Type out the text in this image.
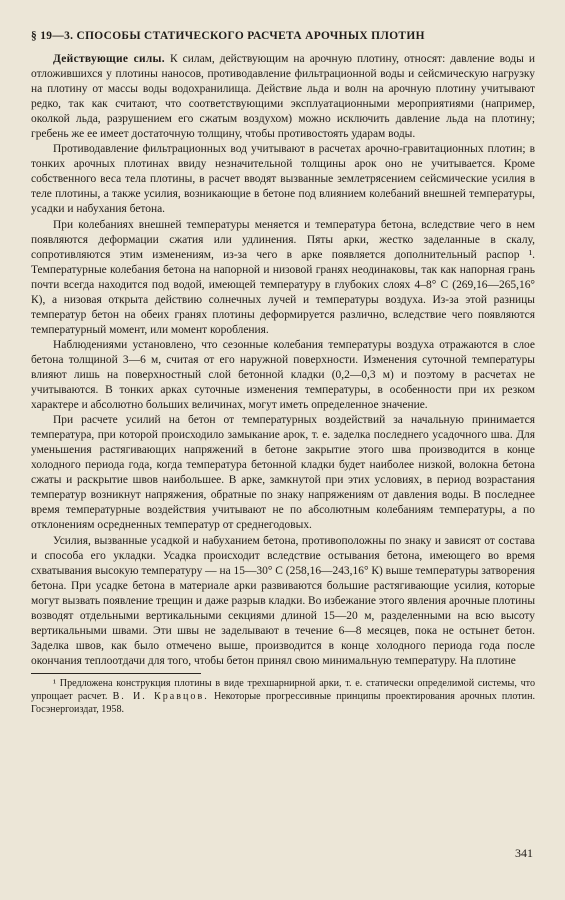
§ 19—3. СПОСОБЫ СТАТИЧЕСКОГО РАСЧЕТА АРОЧНЫХ ПЛОТИН

Действующие силы. К силам, действующим на арочную плотину, относят: давление воды и отложившихся у плотины наносов, противодавление фильтрационной воды и сейсмическую нагрузку на плотину от массы воды водохранилища. Действие льда и волн на арочную плотину учитывают редко, так как считают, что соответствующими эксплуатационными мероприятиями (например, околкой льда, разрушением его сжатым воздухом) можно исключить давление льда на плотину; гребень же ее имеет достаточную толщину, чтобы противостоять ударам воды.

Противодавление фильтрационных вод учитывают в расчетах арочно-гравитационных плотин; в тонких арочных плотинах ввиду незначительной толщины арок оно не учитывается. Кроме собственного веса тела плотины, в расчет вводят вызванные землетрясением сейсмические усилия в теле плотины, а также усилия, возникающие в бетоне под влиянием колебаний внешней температуры, усадки и набухания бетона.

При колебаниях внешней температуры меняется и температура бетона, вследствие чего в нем появляются деформации сжатия или удлинения. Пяты арки, жестко заделанные в скалу, сопротивляются этим изменениям, из-за чего в арке появляется дополнительный распор ¹. Температурные колебания бетона на напорной и низовой гранях неодинаковы, так как напорная грань почти всегда находится под водой, имеющей температуру в глубоких слоях 4–8° С (269,16—265,16° К), а низовая открыта действию солнечных лучей и температуры воздуха. Из-за этой разницы температур бетон на обеих гранях плотины деформируется различно, вследствие чего появляются температурный момент, или момент коробления.

Наблюдениями установлено, что сезонные колебания температуры воздуха отражаются в слое бетона толщиной 3—6 м, считая от его наружной поверхности. Изменения суточной температуры влияют лишь на поверхностный слой бетонной кладки (0,2—0,3 м) и поэтому в расчетах не учитываются. В тонких арках суточные изменения температуры, в особенности при их резком характере и абсолютно больших величинах, могут иметь определенное значение.

При расчете усилий на бетон от температурных воздействий за начальную принимается температура, при которой происходило замыкание арок, т. е. заделка последнего усадочного шва. Для уменьшения растягивающих напряжений в бетоне закрытие этого шва производится в конце холодного периода года, когда температура бетонной кладки будет наиболее низкой, волокна бетона сжаты и раскрытие швов наибольшее. В арке, замкнутой при этих условиях, в период возрастания температур возникнут напряжения, обратные по знаку напряжениям от давления воды. В последнее время температурные воздействия учитывают не по абсолютным колебаниям температуры, а по отклонениям осредненных температур от среднегодовых.

Усилия, вызванные усадкой и набуханием бетона, противоположны по знаку и зависят от состава и способа его укладки. Усадка происходит вследствие остывания бетона, имеющего во время схватывания высокую температуру — на 15—30° С (258,16—243,16° К) выше температуры затворения бетона. При усадке бетона в материале арки развиваются большие растягивающие усилия, которые могут вызвать появление трещин и даже разрыв кладки. Во избежание этого явления арочные плотины возводят отдельными вертикальными секциями длиной 15—20 м, разделенными на всю высоту вертикальными швами. Эти швы не заделывают в течение 6—8 месяцев, пока не остынет бетон. Заделка швов, как было отмечено выше, производится в конце холодного периода года после окончания теплоотдачи для того, чтобы бетон принял свою минимальную температуру. На плотине

¹ Предложена конструкция плотины в виде трехшарнирной арки, т. е. статически определимой системы, что упрощает расчет. В. И. Кравцов. Некоторые прогрессивные принципы проектирования арочных плотин. Госэнергоиздат, 1958.

341
